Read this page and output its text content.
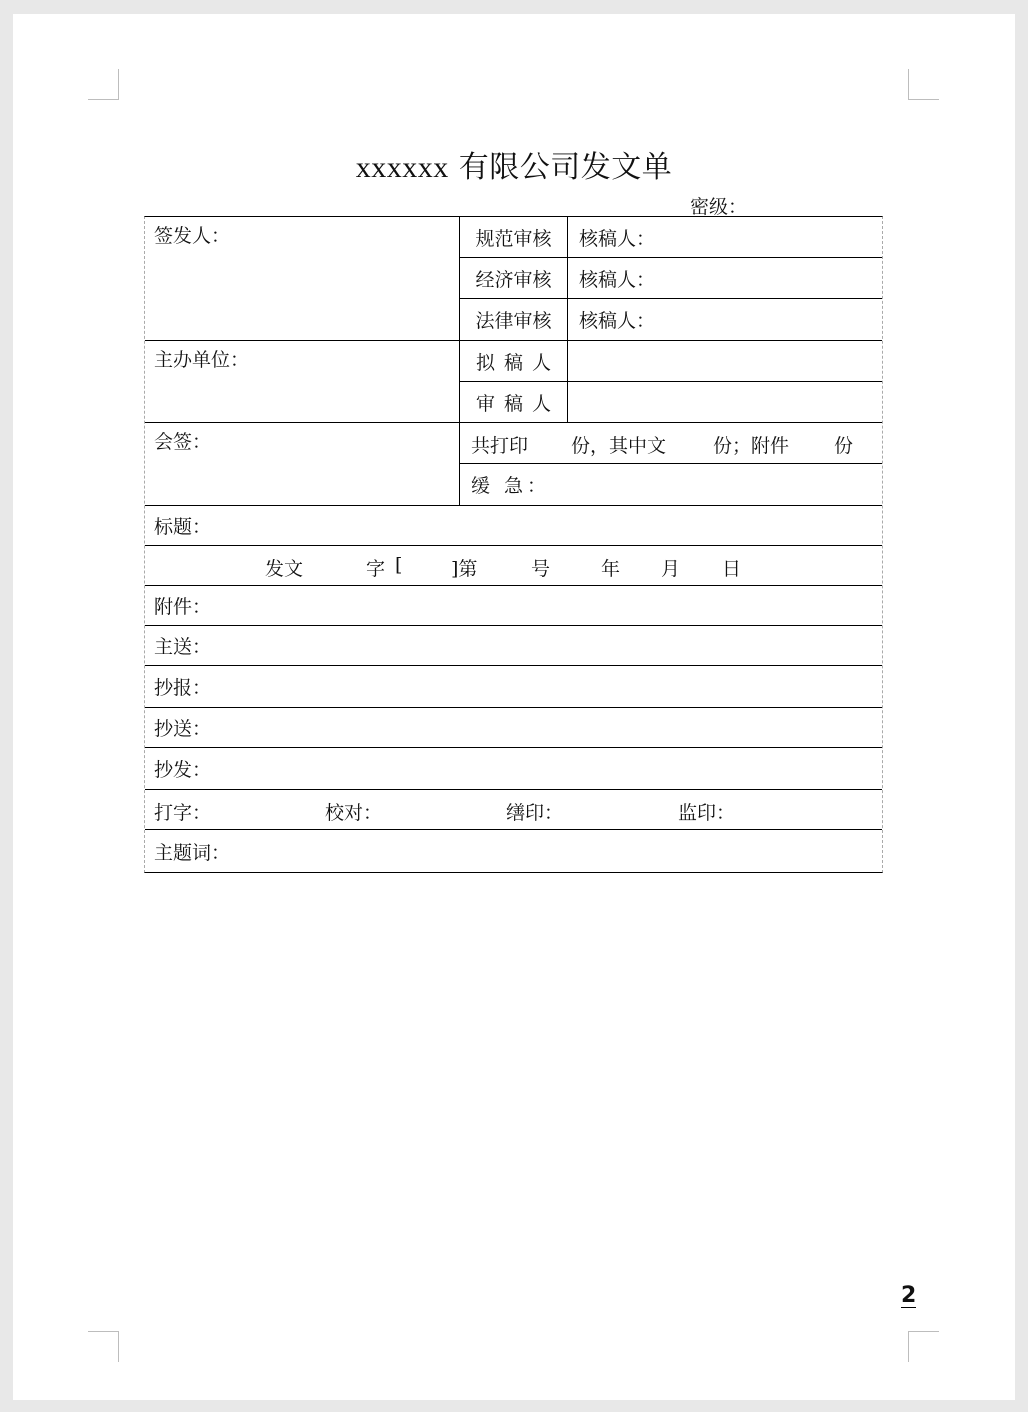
xxxxxx 有限公司发文单
密级：
签发人：	规范审核	核稿人：
经济审核	核稿人：
法律审核	核稿人：
主办单位：	拟稿人
审稿人
会签：	共打印 份，其中文 份；附件 份
缓 急：
标题：
发文	字 [	]第	号	年 月 日
附件：
主送：
抄报：
抄送：
抄发：
打字：	校对：	缮印：	监印：
主题词：
2
